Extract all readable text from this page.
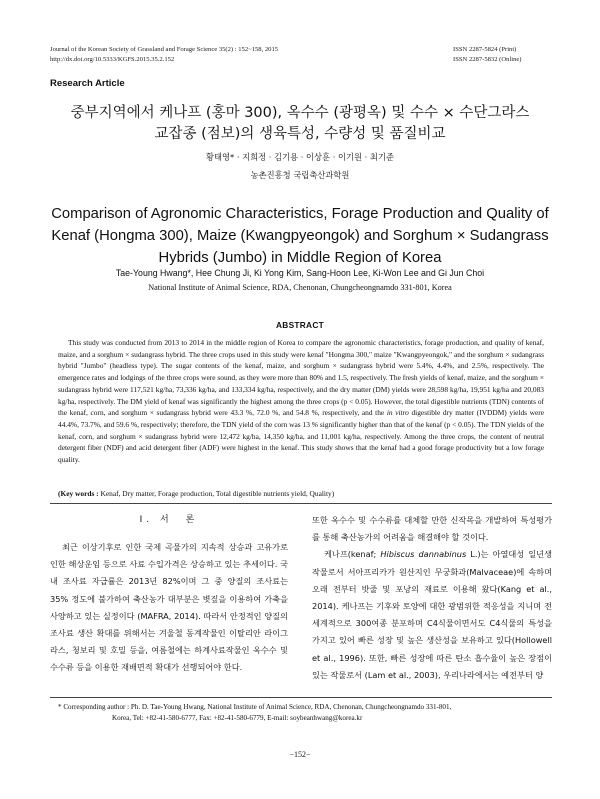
Journal of the Korean Society of Grassland and Forage Science 35(2) : 152~158, 2015
http://dx.doi.org/10.5333/KGFS.2015.35.2.152
ISSN 2287-5824 (Print)
ISSN 2287-5832 (Online)
Research Article
중부지역에서 케나프 (홍마 300), 옥수수 (광평옥) 및 수수 × 수단그라스
교잡종 (점보)의 생육특성, 수량성 및 품질비교
황태영* · 지희정 · 김기용 · 이상훈 · 이기원 · 최기준
농촌진흥청 국립축산과학원
Comparison of Agronomic Characteristics, Forage Production and Quality of
Kenaf (Hongma 300), Maize (Kwangpyeongok) and Sorghum × Sudangrass
Hybrids (Jumbo) in Middle Region of Korea
Tae-Young Hwang*, Hee Chung Ji, Ki Yong Kim, Sang-Hoon Lee, Ki-Won Lee and Gi Jun Choi
National Institute of Animal Science, RDA, Chenonan, Chungcheongnamdo 331-801, Korea
ABSTRACT

This study was conducted from 2013 to 2014 in the middle region of Korea to compare the agronomic characteristics, forage production, and quality of kenaf, maize, and a sorghum × sudangrass hybrid. The three crops used in this study were kenaf "Hongma 300," maize "Kwangpyeongok," and the sorghum × sudangrass hybrid "Jumbo" (headless type). The sugar contents of the kenaf, maize, and sorghum × sudangrass hybrid were 5.4%, 4.4%, and 2.5%, respectively. The emergence rates and lodgings of the three crops were sound, as they were more than 80% and 1.5, respectively. The fresh yields of kenaf, maize, and the sorghum × sudangrass hybrid were 117,521 kg/ha, 73,336 kg/ha, and 133,334 kg/ha, respectively, and the dry matter (DM) yields were 28,598 kg/ha, 19,951 kg/ha and 20,083 kg/ha, respectively. The DM yield of kenaf was significantly the highest among the three crops (p < 0.05). However, the total digestible nutrients (TDN) contents of the kenaf, corn, and sorghum × sudangrass hybrid were 43.3 %, 72.0 %, and 54.8 %, respectively, and the in vitro digestible dry matter (IVDDM) yields were 44.4%, 73.7%, and 59.6 %, respectively; therefore, the TDN yield of the corn was 13 % significantly higher than that of the kenaf (p < 0.05). The TDN yields of the kenaf, corn, and sorghum × sudangrass hybrid were 12,472 kg/ha, 14,350 kg/ha, and 11,001 kg/ha, respectively. Among the three crops, the content of neutral detergent fiber (NDF) and acid detergent fiber (ADF) were highest in the kenaf. This study shows that the kenaf had a good forage productivity but a low forage quality.

(Key words : Kenaf, Dry matter, Forage production, Total digestible nutrients yield, Quality)
Ⅰ. 서　론

최근 이상기후로 인한 국제 곡물가의 지속적 상승과 고유가로 인한 해상운임 등으로 사료 수입가격은 상승하고 있는 추세이다. 국내 조사료 자급률은 2013년 82%이며 그 중 양질의 조사료는 35% 정도에 불가하여 축산농가 대부분은 볏짚을 이용하여 가축을 사양하고 있는 실정이다 (MAFRA, 2014). 따라서 안정적인 양질의 조사료 생산 확대를 위해서는 겨울철 동계작물인 이탈리안 라이그라스, 청보리 및 호밀 등을, 여름철에는 하계사료작물인 옥수수 및 수수류 등을 이용한 재배면적 확대가 선행되어야 한다.

또한 옥수수 및 수수류를 대체할 만한 신작목을 개발하여 특성평가를 통해 축산농가의 어려움을 해결해야 할 것이다.

케나프(kenaf; Hibiscus dannabinus L.)는 아열대성 일년생 작물로서 서아프리카가 원산지인 무궁화과(Malvaceae)에 속하며 오래 전부터 밧줄 및 포낭의 재료로 이용해 왔다(Kang et al., 2014). 케나프는 기후와 토양에 대한 광범위한 적응성을 지니며 전 세계적으로 300여종 분포하며 C4식물이면서도 C4식물의 특성을 가지고 있어 빠른 성장 및 높은 생산성을 보유하고 있다(Hollowell et al., 1996). 또한, 빠른 성장에 따른 탄소 흡수율이 높은 장점이 있는 작물로서 (Lam et al., 2003), 우리나라에서는 예전부터 양

* Corresponding author : Ph. D. Tae-Young Hwang, National Institute of Animal Science, RDA, Chenonan, Chungcheongnamdo 331-801,
Korea, Tel: +82-41-580-6777, Fax: +82-41-580-6779, E-mail: soybeanhwang@korea.kr
−152−
